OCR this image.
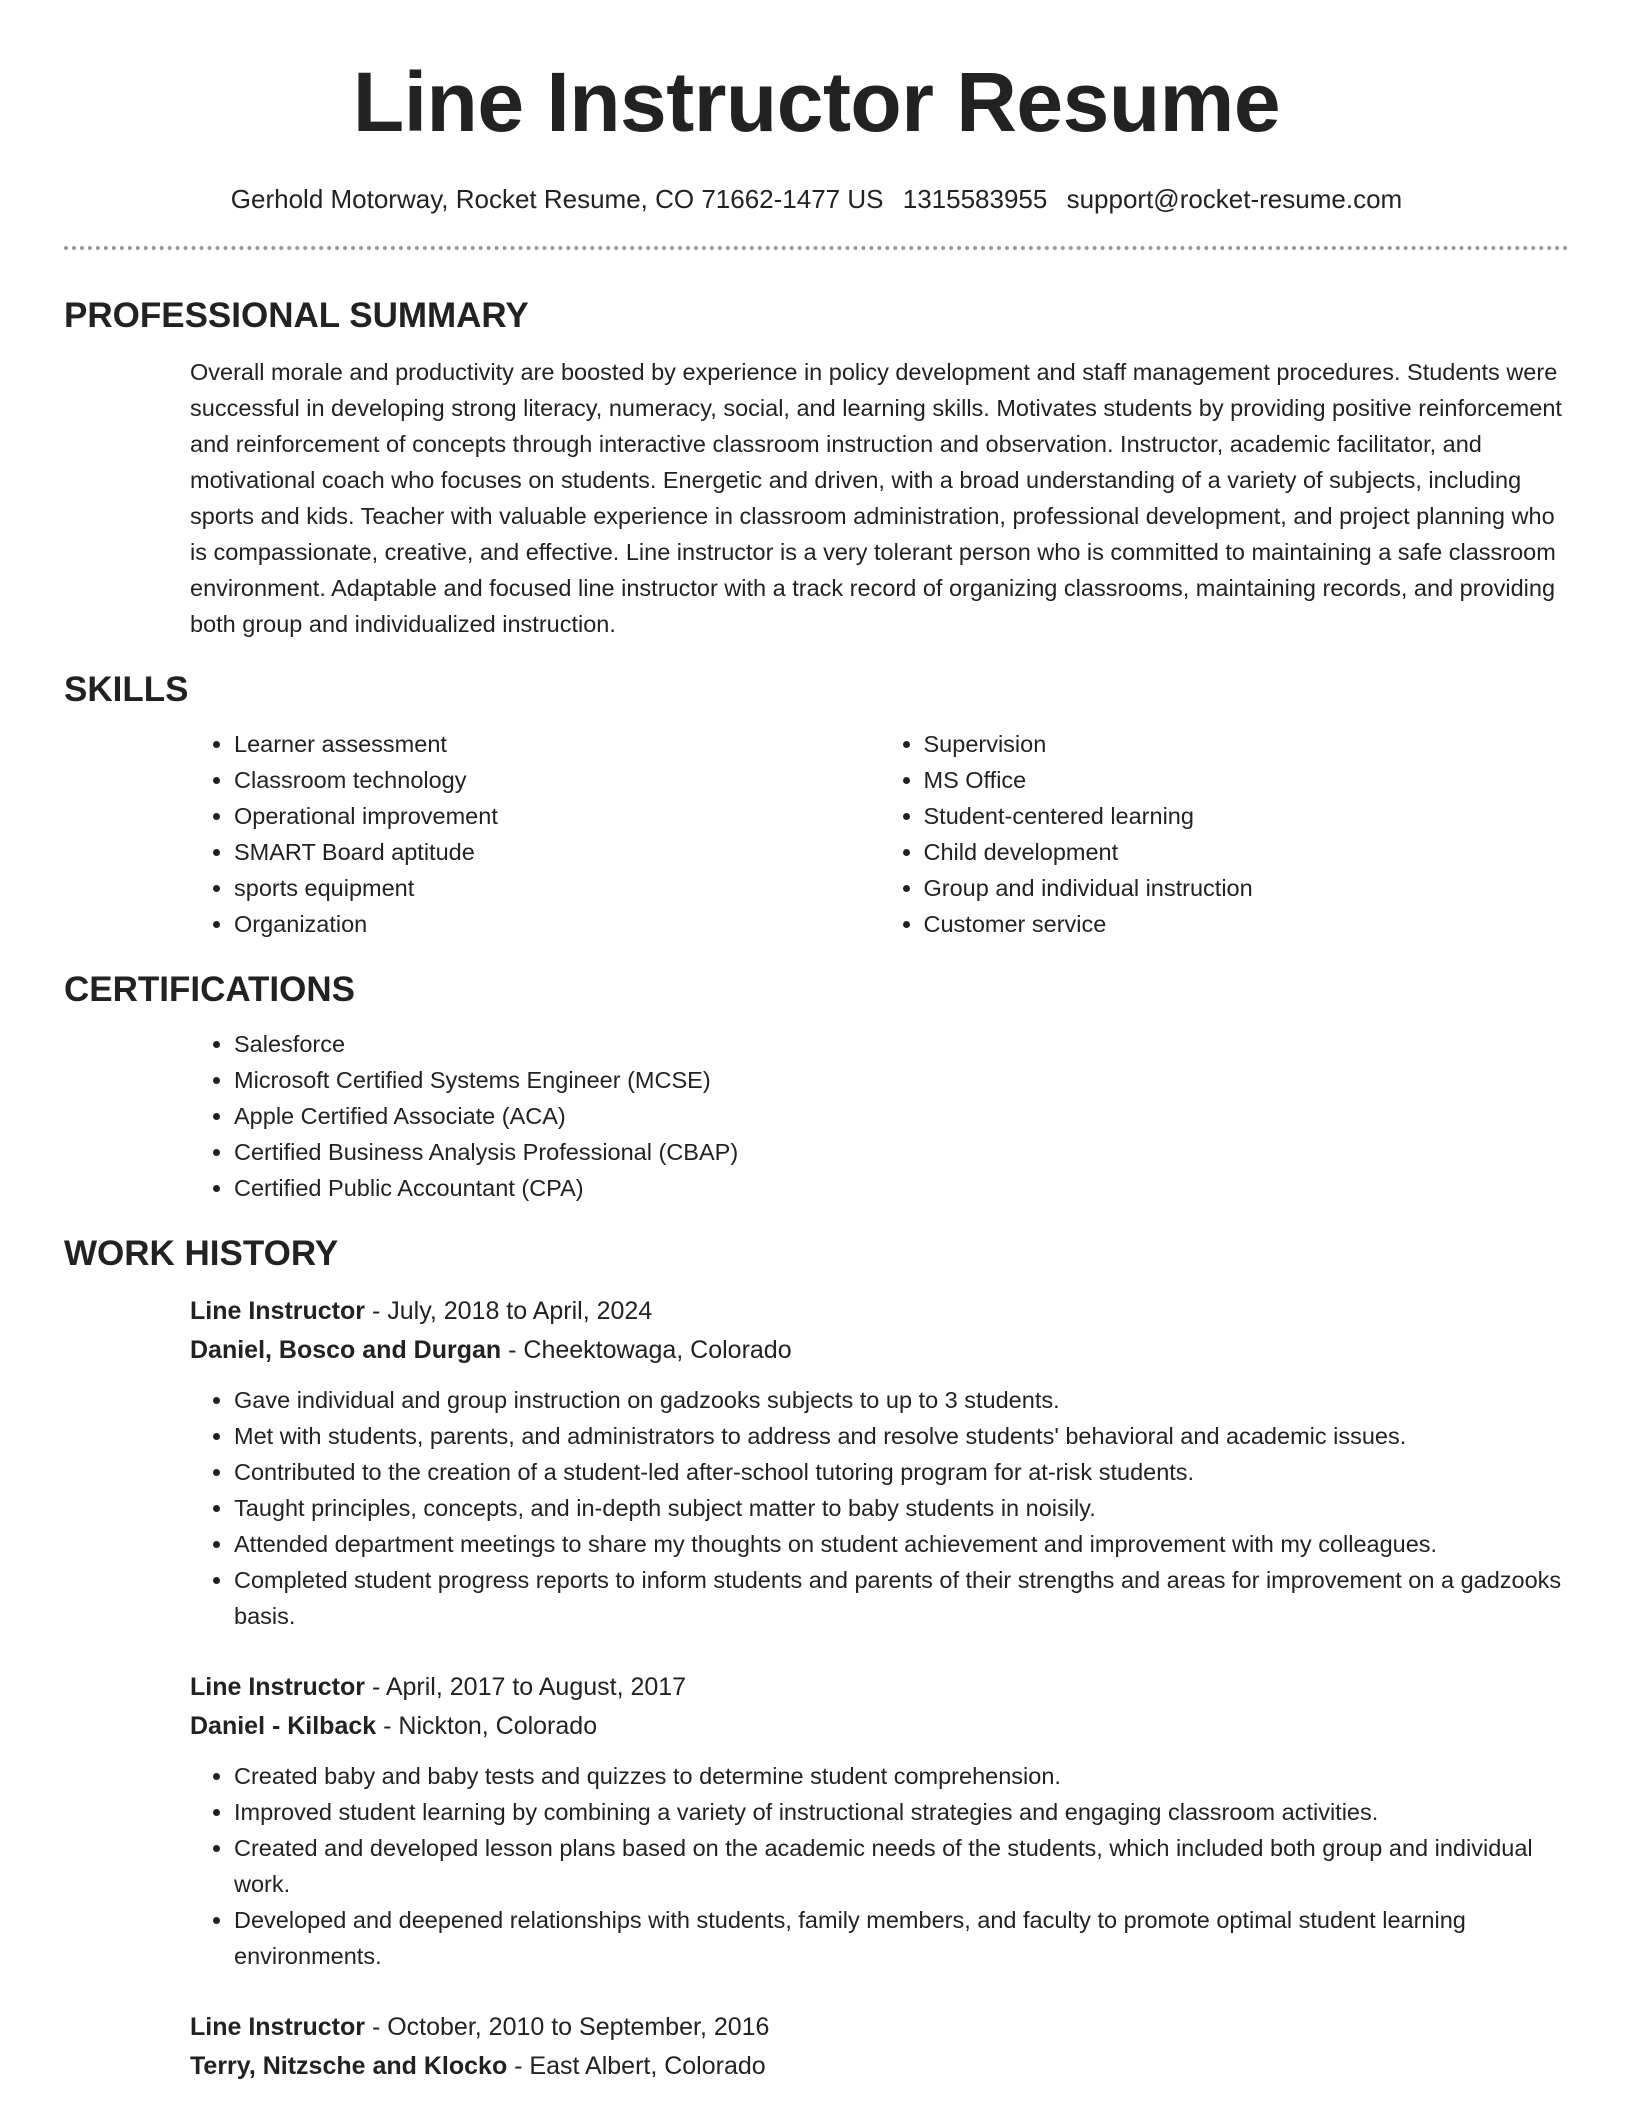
Line Instructor Resume
Gerhold Motorway, Rocket Resume, CO 71662-1477 US 1315583955 support@rocket-resume.com
PROFESSIONAL SUMMARY

Overall morale and productivity are boosted by experience in policy development and staff management procedures. Students were successful in developing strong literacy, numeracy, social, and learning skills. Motivates students by providing positive reinforcement and reinforcement of concepts through interactive classroom instruction and observation. Instructor, academic facilitator, and motivational coach who focuses on students. Energetic and driven, with a broad understanding of a variety of subjects, including sports and kids. Teacher with valuable experience in classroom administration, professional development, and project planning who is compassionate, creative, and effective. Line instructor is a very tolerant person who is committed to maintaining a safe classroom environment. Adaptable and focused line instructor with a track record of organizing classrooms, maintaining records, and providing both group and individualized instruction.

SKILLS
• Learner assessment
• Classroom technology
• Operational improvement
• SMART Board aptitude
• sports equipment
• Organization
• Supervision
• MS Office
• Student-centered learning
• Child development
• Group and individual instruction
• Customer service
CERTIFICATIONS
• Salesforce
• Microsoft Certified Systems Engineer (MCSE)
• Apple Certified Associate (ACA)
• Certified Business Analysis Professional (CBAP)
• Certified Public Accountant (CPA)
WORK HISTORY
Line Instructor - July, 2018 to April, 2024
Daniel, Bosco and Durgan - Cheektowaga, Colorado
• Gave individual and group instruction on gadzooks subjects to up to 3 students.
• Met with students, parents, and administrators to address and resolve students' behavioral and academic issues.
• Contributed to the creation of a student-led after-school tutoring program for at-risk students.
• Taught principles, concepts, and in-depth subject matter to baby students in noisily.
• Attended department meetings to share my thoughts on student achievement and improvement with my colleagues.
• Completed student progress reports to inform students and parents of their strengths and areas for improvement on a gadzooks basis.
Line Instructor - April, 2017 to August, 2017
Daniel - Kilback - Nickton, Colorado
• Created baby and baby tests and quizzes to determine student comprehension.
• Improved student learning by combining a variety of instructional strategies and engaging classroom activities.
• Created and developed lesson plans based on the academic needs of the students, which included both group and individual work.
• Developed and deepened relationships with students, family members, and faculty to promote optimal student learning environments.
Line Instructor - October, 2010 to September, 2016
Terry, Nitzsche and Klocko - East Albert, Colorado
